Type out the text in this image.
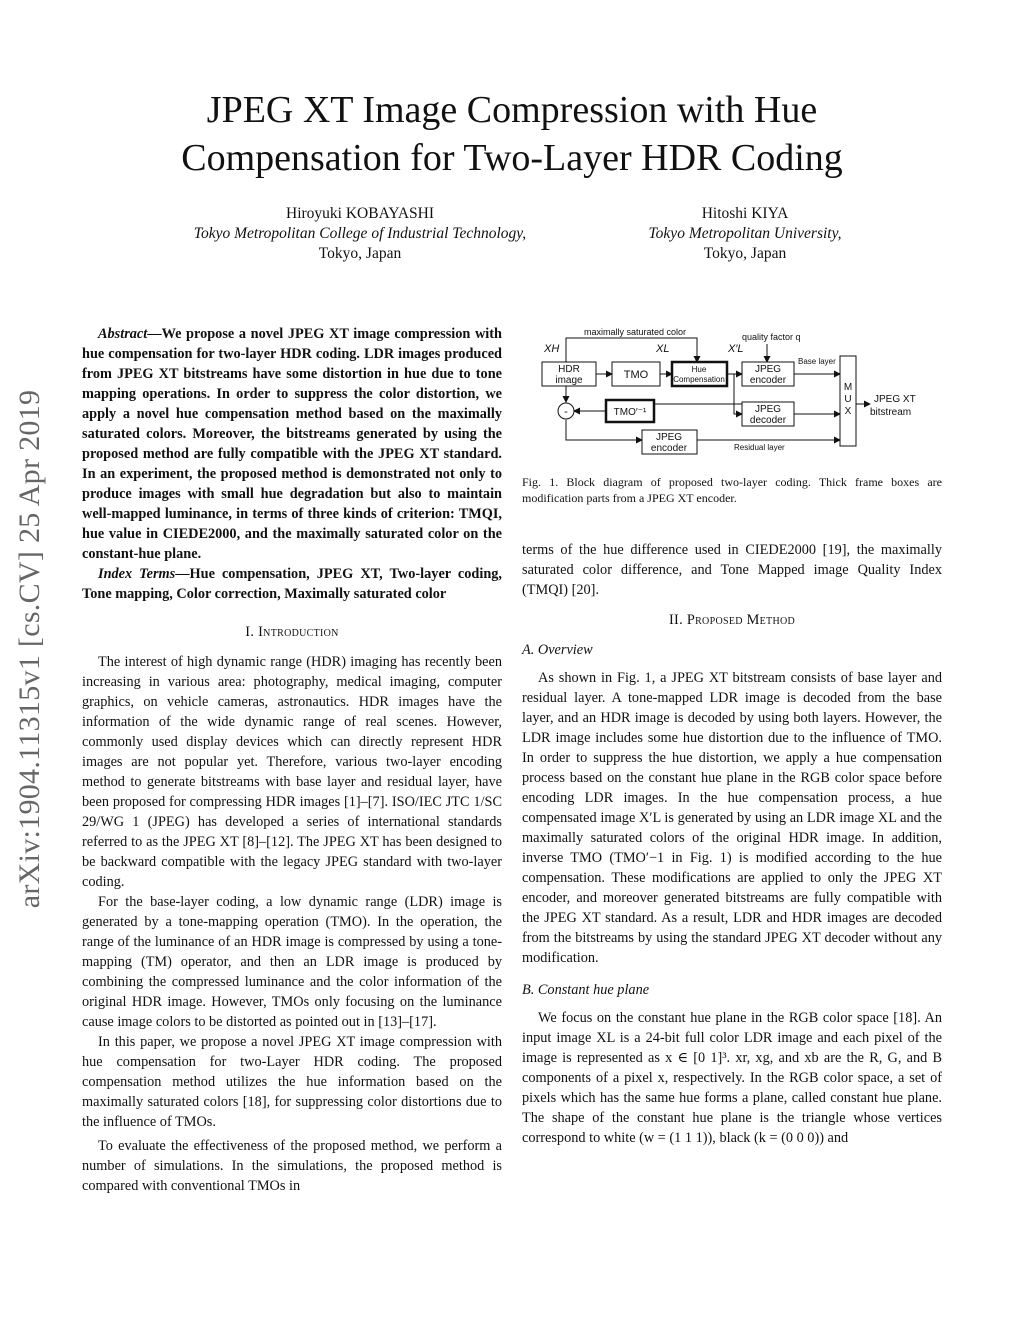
JPEG XT Image Compression with Hue
Compensation for Two-Layer HDR Coding
Hiroyuki KOBAYASHI
Tokyo Metropolitan College of Industrial Technology,
Tokyo, Japan
Hitoshi KIYA
Tokyo Metropolitan University,
Tokyo, Japan
arXiv:1904.11315v1 [cs.CV] 25 Apr 2019

Abstract—We propose a novel JPEG XT image compression with hue compensation for two-layer HDR coding. LDR images produced from JPEG XT bitstreams have some distortion in hue due to tone mapping operations. In order to suppress the color distortion, we apply a novel hue compensation method based on the maximally saturated colors. Moreover, the bitstreams generated by using the proposed method are fully compatible with the JPEG XT standard. In an experiment, the proposed method is demonstrated not only to produce images with small hue degradation but also to maintain well-mapped luminance, in terms of three kinds of criterion: TMQI, hue value in CIEDE2000, and the maximally saturated color on the constant-hue plane.

Index Terms—Hue compensation, JPEG XT, Two-layer coding, Tone mapping, Color correction, Maximally saturated color

I. Introduction

The interest of high dynamic range (HDR) imaging has recently been increasing in various area: photography, medical imaging, computer graphics, on vehicle cameras, astronautics. HDR images have the information of the wide dynamic range of real scenes. However, commonly used display devices which can directly represent HDR images are not popular yet. Therefore, various two-layer encoding method to generate bitstreams with base layer and residual layer, have been proposed for compressing HDR images [1]–[7]. ISO/IEC JTC 1/SC 29/WG 1 (JPEG) has developed a series of international standards referred to as the JPEG XT [8]–[12]. The JPEG XT has been designed to be backward compatible with the legacy JPEG standard with two-layer coding.

For the base-layer coding, a low dynamic range (LDR) image is generated by a tone-mapping operation (TMO). In the operation, the range of the luminance of an HDR image is compressed by using a tone-mapping (TM) operator, and then an LDR image is produced by combining the compressed luminance and the color information of the original HDR image. However, TMOs only focusing on the luminance cause image colors to be distorted as pointed out in [13]–[17].

In this paper, we propose a novel JPEG XT image compression with hue compensation for two-Layer HDR coding. The proposed compensation method utilizes the hue information based on the maximally saturated colors [18], for suppressing color distortions due to the influence of TMOs.

To evaluate the effectiveness of the proposed method, we perform a number of simulations. In the simulations, the proposed method is compared with conventional TMOs in

maximally saturated color	quality factor q
XH	XL	X′L
HDR
image	TMO	Hue
Compensation
JPEG
encoder
Base layer
TMO′⁻¹	JPEG
decoder
JPEG
encoder	Residual layer
M U X
JPEG XT
bitstream
-
Fig. 1. Block diagram of proposed two-layer coding. Thick frame boxes are modification parts from a JPEG XT encoder.

terms of the hue difference used in CIEDE2000 [19], the maximally saturated color difference, and Tone Mapped image Quality Index (TMQI) [20].

II. Proposed Method
A. Overview

As shown in Fig. 1, a JPEG XT bitstream consists of base layer and residual layer. A tone-mapped LDR image is decoded from the base layer, and an HDR image is decoded by using both layers. However, the LDR image includes some hue distortion due to the influence of TMO. In order to suppress the hue distortion, we apply a hue compensation process based on the constant hue plane in the RGB color space before encoding LDR images. In the hue compensation process, a hue compensated image X′L is generated by using an LDR image XL and the maximally saturated colors of the original HDR image. In addition, inverse TMO (TMO′−1 in Fig. 1) is modified according to the hue compensation. These modifications are applied to only the JPEG XT encoder, and moreover generated bitstreams are fully compatible with the JPEG XT standard. As a result, LDR and HDR images are decoded from the bitstreams by using the standard JPEG XT decoder without any modification.

B. Constant hue plane

We focus on the constant hue plane in the RGB color space [18]. An input image XL is a 24-bit full color LDR image and each pixel of the image is represented as x ∈ [0 1]³. xr, xg, and xb are the R, G, and B components of a pixel x, respectively. In the RGB color space, a set of pixels which has the same hue forms a plane, called constant hue plane. The shape of the constant hue plane is the triangle whose vertices correspond to white (w = (1 1 1)), black (k = (0 0 0)) and
